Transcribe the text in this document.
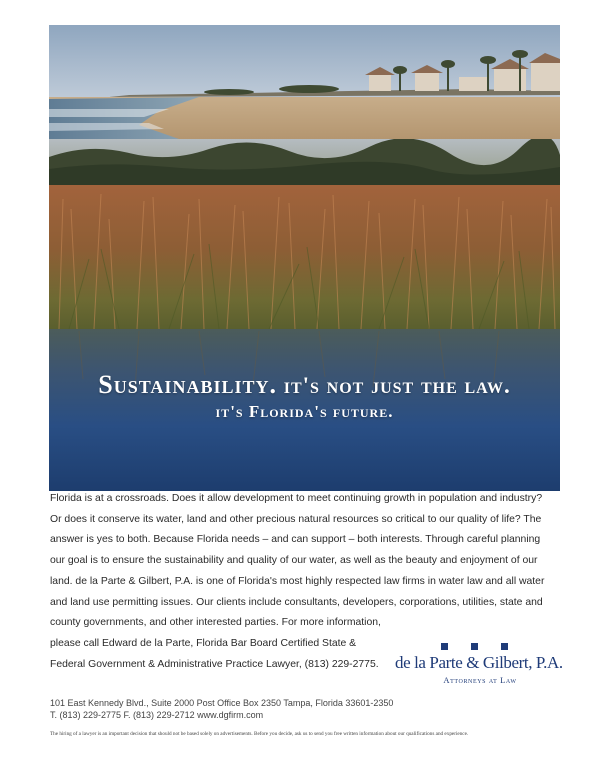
Sustainability. it's not just the law.
it's Florida's future.

Florida is at a crossroads. Does it allow development to meet continuing growth in population and industry?
Or does it conserve its water, land and other precious natural resources so critical to our quality of life? The
answer is yes to both. Because Florida needs – and can support – both interests. Through careful planning
our goal is to ensure the sustainability and quality of our water, as well as the beauty and enjoyment of our
land. de la Parte & Gilbert, P.A. is one of Florida's most highly respected law firms in water law and all water
and land use permitting issues. Our clients include consultants, developers, corporations, utilities, state and

county governments, and other interested parties. For more information,
please call Edward de la Parte, Florida Bar Board Certified State &
Federal Government & Administrative Practice Lawyer, (813) 229-2775. de la Parte & Gilbert, P.A.

Attorneys at Law

101 East Kennedy Blvd., Suite 2000 Post Office Box 2350 Tampa, Florida 33601-2350
T. (813) 229-2775 F. (813) 229-2712 www.dgfirm.com

The hiring of a lawyer is an important decision that should not be based solely on advertisements. Before you decide, ask us to send you free written information about our qualifications and experience.
